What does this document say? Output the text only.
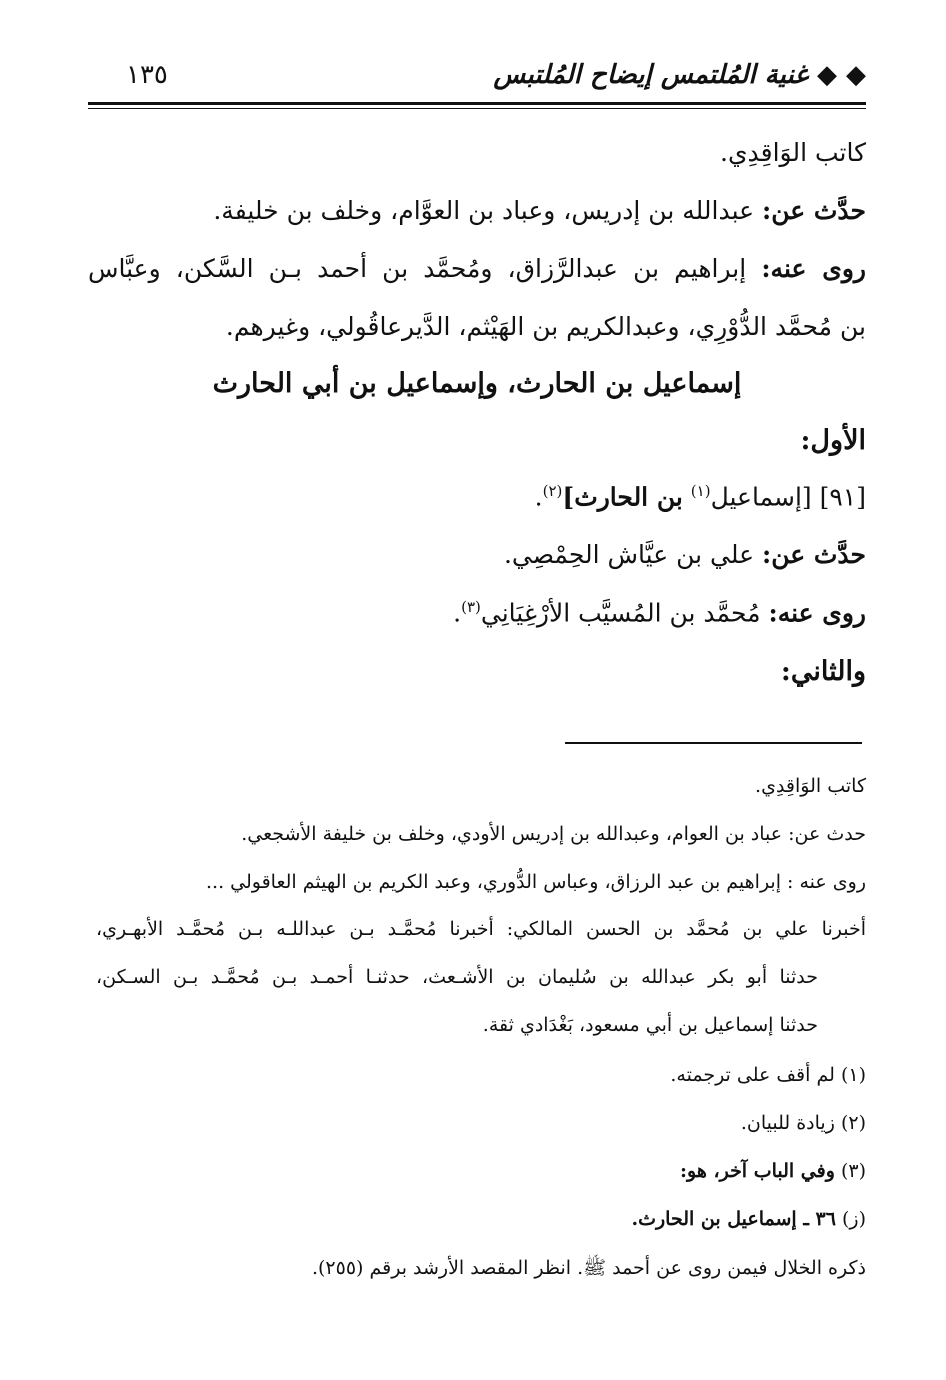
١٣٥	◆ ◆ غنية المُلتمس إيضاح المُلتبس
كاتب الوَاقِدِي.
حدَّث عن: عبدالله بن إدريس، وعباد بن العوَّام، وخلف بن خليفة.
روى عنه: إبراهيم بن عبدالرَّزاق، ومُحمَّد بن أحمد بـن السَّكن، وعبَّاس
بن مُحمَّد الدُّوْرِي، وعبدالكريم بن الهَيْثم، الدَّيرعاقُولي، وغيرهم.
إسماعيل بن الحارث، وإسماعيل بن أبي الحارث
الأول:
[٩١] [إسماعيل$^{(١)}$ بن الحارث]$^{(٢)}$.
حدَّث عن: علي بن عيَّاش الحِمْصِي.
روى عنه: مُحمَّد بن المُسيَّب الأرْغِيَانِي$^{(٣)}$.
والثاني:
كاتب الوَاقِدِي.
حدث عن: عباد بن العوام، وعبدالله بن إدريس الأودي، وخلف بن خليفة الأشجعي.
روى عنه : إبراهيم بن عبد الرزاق، وعباس الدُّوري، وعبد الكريم بن الهيثم العاقولي ...
أخبرنا علي بن مُحمَّد بن الحسن المالكي: أخبرنا مُحمَّـد بـن عبداللـه بـن مُحمَّـد الأبهـري،
حدثنا أبو بكر عبدالله بن سُليمان بن الأشـعث، حدثنـا أحمـد بـن مُحمَّـد بـن السـكن،
حدثنا إسماعيل بن أبي مسعود، بَغْدَادي ثقة.
(١) لم أقف على ترجمته.
(٢) زيادة للبيان.
(٣) وفي الباب آخر، هو:
(ز) ٣٦ ـ إسماعيل بن الحارث.
ذكره الخلال فيمن روى عن أحمد ﷺ. انظر المقصد الأرشد برقم (٢٥٥).
